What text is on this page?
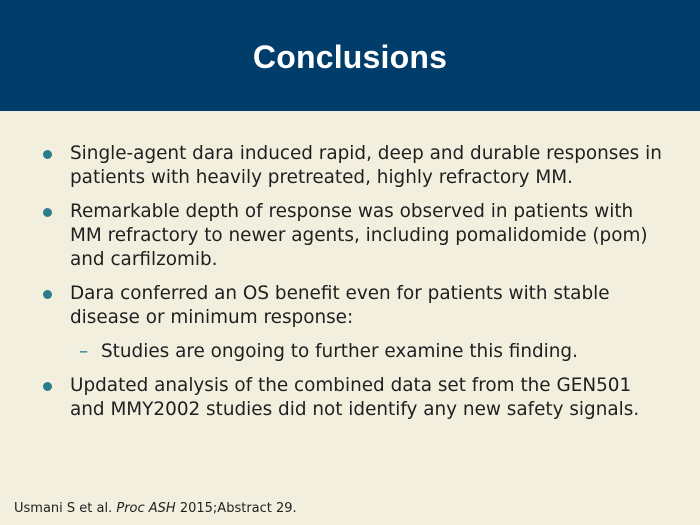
Conclusions
Single-agent dara induced rapid, deep and durable responses in patients with heavily pretreated, highly refractory MM.
Remarkable depth of response was observed in patients with MM refractory to newer agents, including pomalidomide (pom) and carfilzomib.
Dara conferred an OS benefit even for patients with stable disease or minimum response:
– Studies are ongoing to further examine this finding.
Updated analysis of the combined data set from the GEN501 and MMY2002 studies did not identify any new safety signals.
Usmani S et al. Proc ASH 2015;Abstract 29.
